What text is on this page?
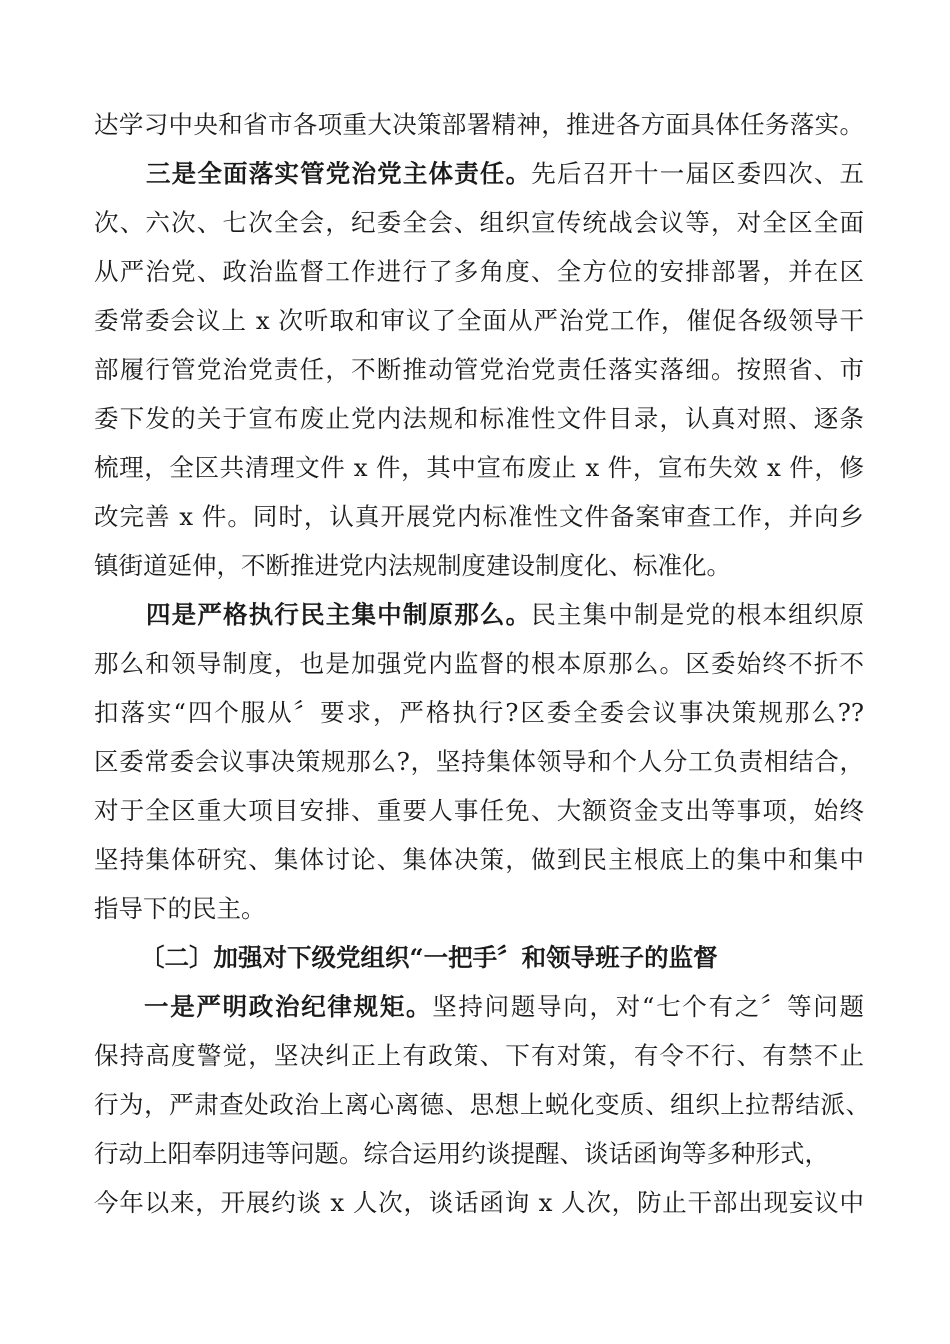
达学习中央和省市各项重大决策部署精神，推进各方面具体任务落实。
三是全面落实管党治党主体责任。先后召开十一届区委四次、五
次、六次、七次全会，纪委全会、组织宣传统战会议等，对全区全面
从严治党、政治监督工作进行了多角度、全方位的安排部署，并在区
委常委会议上 x 次听取和审议了全面从严治党工作，催促各级领导干
部履行管党治党责任，不断推动管党治党责任落实落细。按照省、市
委下发的关于宣布废止党内法规和标准性文件目录，认真对照、逐条
梳理，全区共清理文件 x 件，其中宣布废止 x 件，宣布失效 x 件，修
改完善 x 件。同时，认真开展党内标准性文件备案审查工作，并向乡
镇街道延伸，不断推进党内法规制度建设制度化、标准化。
四是严格执行民主集中制原那么。民主集中制是党的根本组织原
那么和领导制度，也是加强党内监督的根本原那么。区委始终不折不
扣落实“四个服从〞要求，严格执行?区委全委会议事决策规那么??
区委常委会议事决策规那么?，坚持集体领导和个人分工负责相结合，
对于全区重大项目安排、重要人事任免、大额资金支出等事项，始终
坚持集体研究、集体讨论、集体决策，做到民主根底上的集中和集中
指导下的民主。
〔二〕加强对下级党组织“一把手〞和领导班子的监督
一是严明政治纪律规矩。坚持问题导向，对“七个有之〞等问题
保持高度警觉，坚决纠正上有政策、下有对策，有令不行、有禁不止
行为，严肃查处政治上离心离德、思想上蜕化变质、组织上拉帮结派、
行动上阳奉阴违等问题。综合运用约谈提醒、谈话函询等多种形式，
今年以来，开展约谈 x 人次，谈话函询 x 人次，防止干部出现妄议中
